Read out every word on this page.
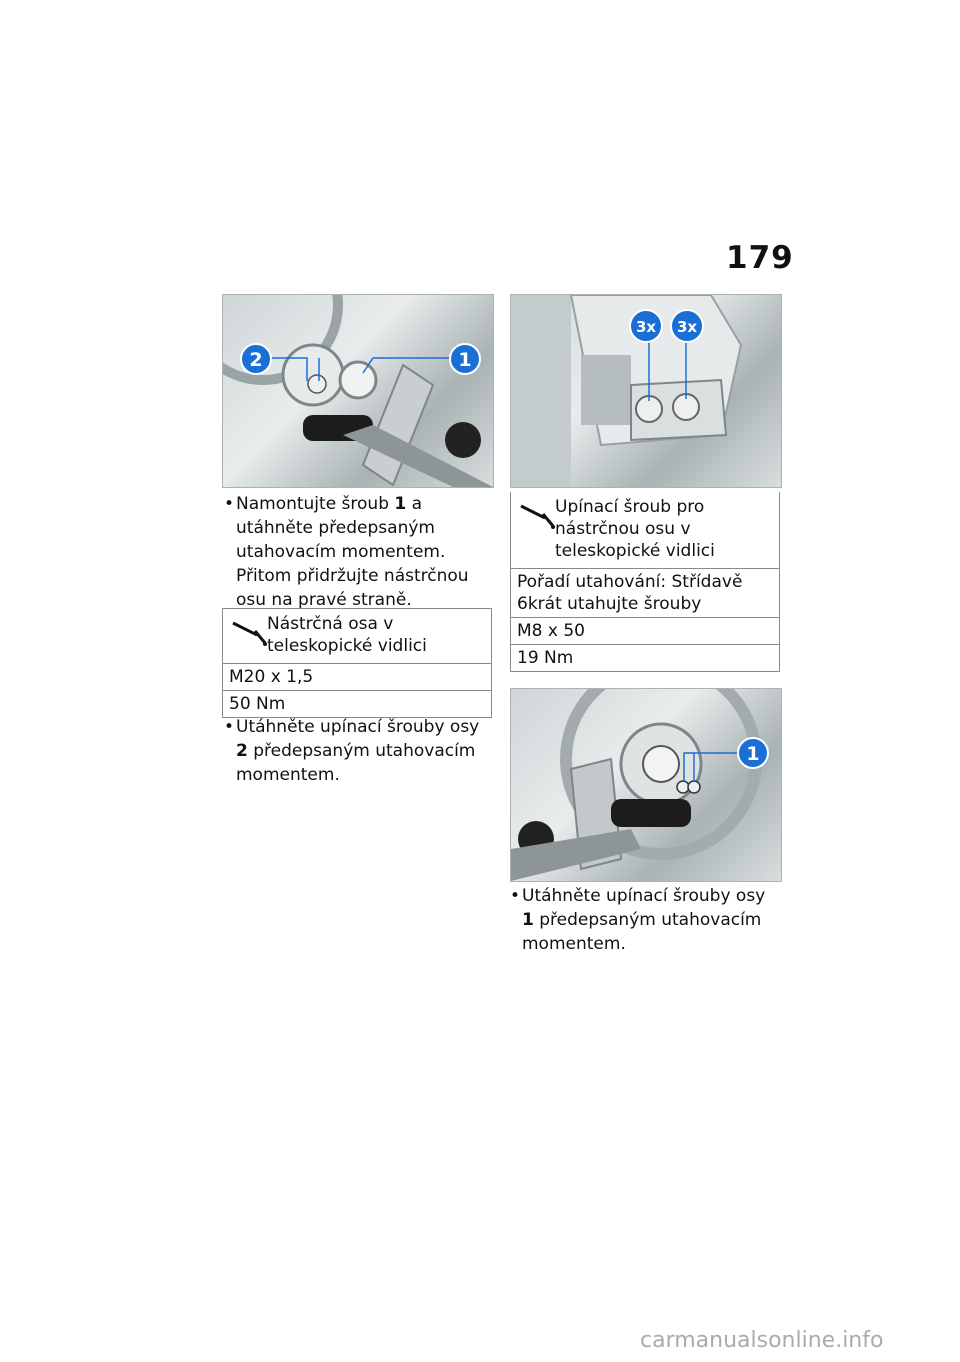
179
2	1
• Namontujte šroub 1 a utáhněte předepsaným utahovacím momentem. Přitom přidržujte nástrčnou osu na pravé straně.
Nástrčná osa v teleskopické vidlici
M20 x 1,5
50 Nm
• Utáhněte upínací šrouby osy 2 předepsaným utahovacím momentem.
3x 3x
Upínací šroub pro nástrčnou osu v teleskopické vidlici
Pořadí utahování: Střídavě 6krát utahujte šrouby
M8 x 50
19 Nm
1
• Utáhněte upínací šrouby osy 1 předepsaným utahovacím momentem.
carmanualsonline.info
